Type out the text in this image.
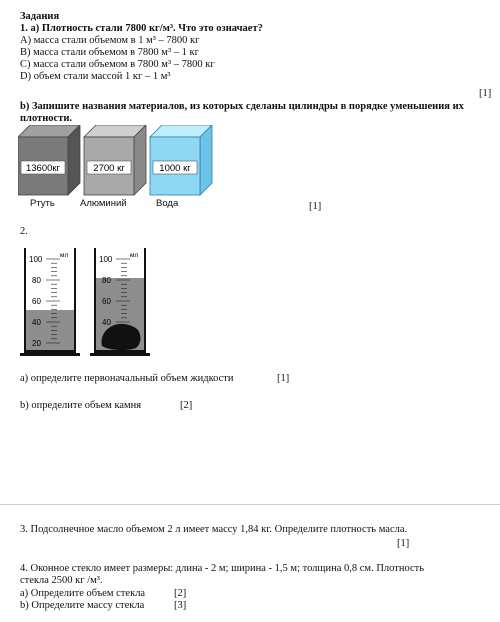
Задания
1. a) Плотность стали 7800 кг/м³. Что это означает?
A) масса стали объемом в 1 м³ – 7800 кг
B) масса стали объемом в 7800 м³ – 1 кг
C) масса стали объемом в 7800 м³ – 7800 кг
D) объем стали массой 1 кг – 1 м³
[1]
b) Запишите названия материалов, из которых сделаны цилиндры в порядке уменьшения их
плотности.
13600кг	2700 кг	1000 кг
Ртуть	Алюминий	Вода	[1]
2.
мл
100
80
60
40
20
мл
100
80
60
40
а) определите первоначальный объем жидкости	[1]
b) определите объем камня	[2]
3. Подсолнечное масло объемом 2 л имеет массу 1,84 кг. Определите плотность масла.
[1]
4. Оконное стекло имеет размеры: длина - 2 м; ширина - 1,5 м; толщина 0,8 см. Плотность
стекла 2500 кг /м³.
а) Определите объем стекла	[2]
b) Определите массу стекла	[3]
